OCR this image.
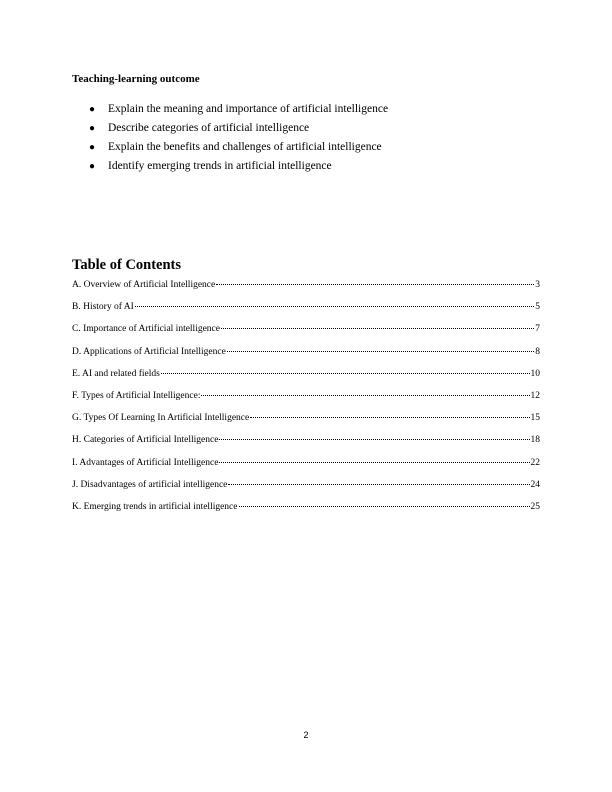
Teaching-learning outcome
● Explain the meaning and importance of artificial intelligence
● Describe categories of artificial intelligence
● Explain the benefits and challenges of artificial intelligence
● Identify emerging trends in artificial intelligence
Table of Contents
A. Overview of Artificial Intelligence	3
B. History of AI	5
C. Importance of Artificial intelligence	7
D. Applications of Artificial Intelligence	8
E. AI and related fields	10
F. Types of Artificial Intelligence:	12
G. Types Of Learning In Artificial Intelligence	15
H. Categories of Artificial Intelligence	18
I. Advantages of Artificial Intelligence	22
J. Disadvantages of artificial intelligence	24
K. Emerging trends in artificial intelligence	25
2
